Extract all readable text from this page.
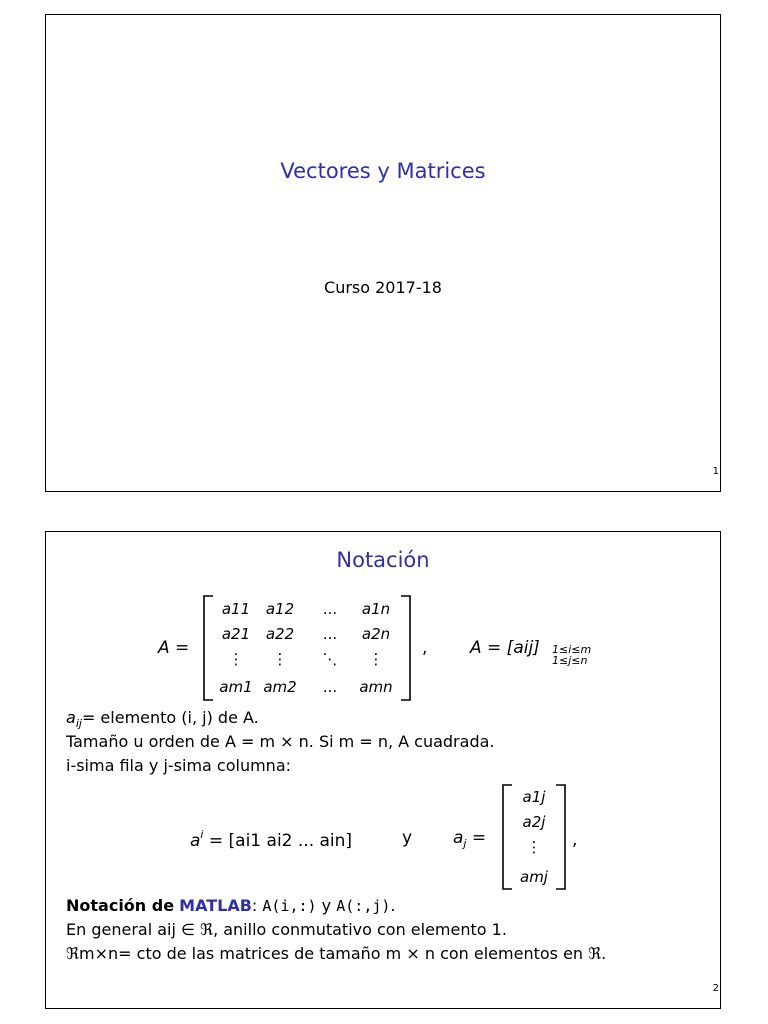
Vectores y Matrices
Curso 2017-18
1
Notación
A =
a11	a12	...	a1n
a21	a22	...	a2n
⋮	⋮	⋱	⋮
am1 am2	...	amn
,	A = [aij] 1≤i≤m
1≤j≤n
$a_{ij}=$ elemento (i, j) de A.
Tamaño u orden de A = m × n. Si m = n, A cuadrada.
i-sima fila y j-sima columna:
$a^i = [ai1$ ai2 ... ain]	y $a_j$ =
a1j
a2j
⋮
amj
,
Notación de MATLAB: A(i,:) y A(:,j).
En general aij ∈ ℜ, anillo conmutativo con elemento 1.
ℜm×n= cto de las matrices de tamaño m × n con elementos en ℜ.
2
